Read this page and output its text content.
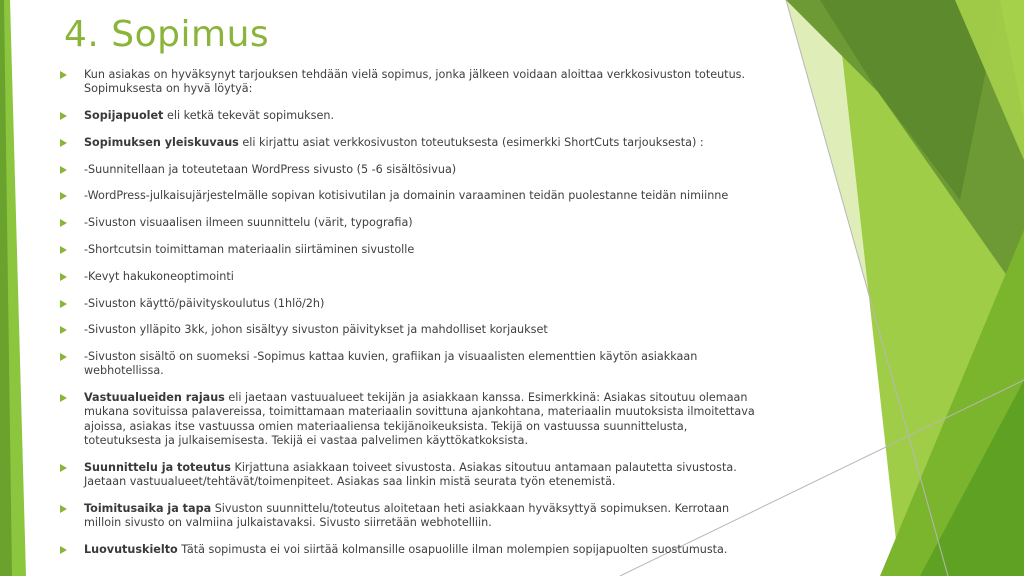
4. Sopimus
Kun asiakas on hyväksynyt tarjouksen tehdään vielä sopimus, jonka jälkeen voidaan aloittaa verkkosivuston toteutus. Sopimuksesta on hyvä löytyä:
Sopijapuolet eli ketkä tekevät sopimuksen.
Sopimuksen yleiskuvaus eli kirjattu asiat verkkosivuston toteutuksesta (esimerkki ShortCuts tarjouksesta) :
-Suunnitellaan ja toteutetaan WordPress sivusto (5 -6 sisältösivua)
-WordPress-julkaisujärjestelmälle sopivan kotisivutilan ja domainin varaaminen teidän puolestanne teidän nimiinne
-Sivuston visuaalisen ilmeen suunnittelu (värit, typografia)
-Shortcutsin toimittaman materiaalin siirtäminen sivustolle
-Kevyt hakukoneoptimointi
-Sivuston käyttö/päivityskoulutus (1hlö/2h)
-Sivuston ylläpito 3kk, johon sisältyy sivuston päivitykset ja mahdolliset korjaukset
-Sivuston sisältö on suomeksi -Sopimus kattaa kuvien, grafiikan ja visuaalisten elementtien käytön asiakkaan webhotellissa.
Vastuualueiden rajaus eli jaetaan vastuualueet tekijän ja asiakkaan kanssa. Esimerkkinä: Asiakas sitoutuu olemaan mukana sovituissa palavereissa, toimittamaan materiaalin sovittuna ajankohtana, materiaalin muutoksista ilmoitettava ajoissa, asiakas itse vastuussa omien materiaaliensa tekijänoikeuksista. Tekijä on vastuussa suunnittelusta, toteutuksesta ja julkaisemisesta. Tekijä ei vastaa palvelimen käyttökatkoksista.
Suunnittelu ja toteutus Kirjattuna asiakkaan toiveet sivustosta. Asiakas sitoutuu antamaan palautetta sivustosta. Jaetaan vastuualueet/tehtävät/toimenpiteet. Asiakas saa linkin mistä seurata työn etenemistä.
Toimitusaika ja tapa Sivuston suunnittelu/toteutus aloitetaan heti asiakkaan hyväksyttyä sopimuksen. Kerrotaan milloin sivusto on valmiina julkaistavaksi. Sivusto siirretään webhotelliin.
Luovutuskielto Tätä sopimusta ei voi siirtää kolmansille osapuolille ilman molempien sopijapuolten suostumusta.
